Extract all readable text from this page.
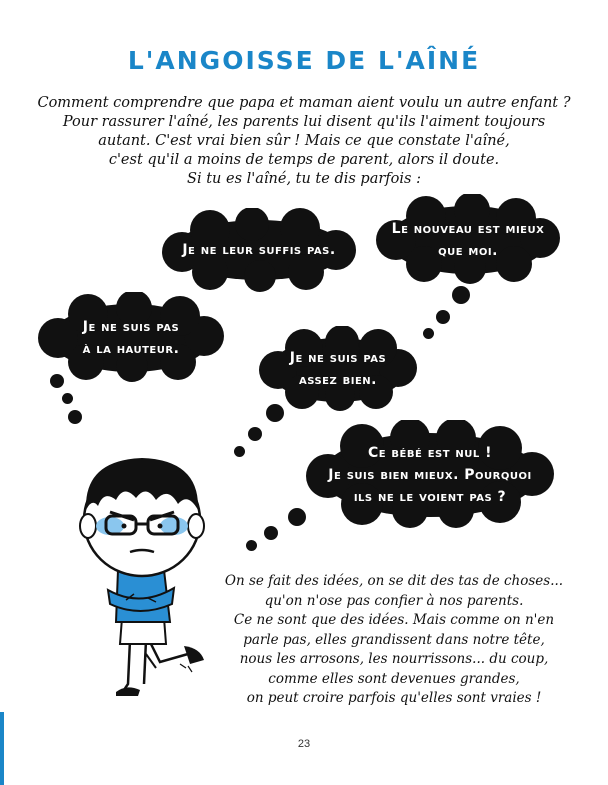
L'ANGOISSE DE L'AÎNÉ
Comment comprendre que papa et maman aient voulu un autre enfant ?
Pour rassurer l'aîné, les parents lui disent qu'ils l'aiment toujours
autant. C'est vrai bien sûr ! Mais ce que constate l'aîné,
c'est qu'il a moins de temps de parent, alors il doute.
Si tu es l'aîné, tu te dis parfois :
Je ne leur suffis pas.
Le nouveau est mieux
que moi.
Je ne suis pas
à la hauteur.
Je ne suis pas
assez bien.
Ce bébé est nul !
Je suis bien mieux. Pourquoi
ils ne le voient pas ?
On se fait des idées, on se dit des tas de choses...
qu'on n'ose pas confier à nos parents.
Ce ne sont que des idées. Mais comme on n'en
parle pas, elles grandissent dans notre tête,
nous les arrosons, les nourrissons... du coup,
comme elles sont devenues grandes,
on peut croire parfois qu'elles sont vraies !
23
